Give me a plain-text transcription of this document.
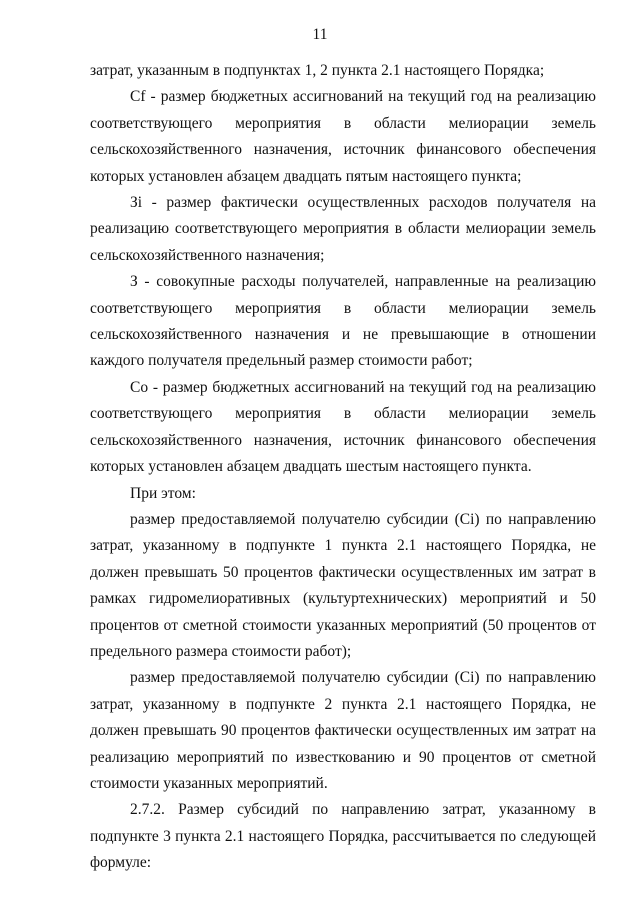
11

затрат, указанным в подпунктах 1, 2 пункта 2.1 настоящего Порядка;

Cf - размер бюджетных ассигнований на текущий год на реализацию соответствующего мероприятия в области мелиорации земель сельскохозяйственного назначения, источник финансового обеспечения которых установлен абзацем двадцать пятым настоящего пункта;

Зi - размер фактически осуществленных расходов получателя на реализацию соответствующего мероприятия в области мелиорации земель сельскохозяйственного назначения;

З - совокупные расходы получателей, направленные на реализацию соответствующего мероприятия в области мелиорации земель сельскохозяйственного назначения и не превышающие в отношении каждого получателя предельный размер стоимости работ;

Co - размер бюджетных ассигнований на текущий год на реализацию соответствующего мероприятия в области мелиорации земель сельскохозяйственного назначения, источник финансового обеспечения которых установлен абзацем двадцать шестым настоящего пункта.

При этом:

размер предоставляемой получателю субсидии (Ci) по направлению затрат, указанному в подпункте 1 пункта 2.1 настоящего Порядка, не должен превышать 50 процентов фактически осуществленных им затрат в рамках гидромелиоративных (культуртехнических) мероприятий и 50 процентов от сметной стоимости указанных мероприятий (50 процентов от предельного размера стоимости работ);

размер предоставляемой получателю субсидии (Ci) по направлению затрат, указанному в подпункте 2 пункта 2.1 настоящего Порядка, не должен превышать 90 процентов фактически осуществленных им затрат на реализацию мероприятий по известкованию и 90 процентов от сметной стоимости указанных мероприятий.

2.7.2. Размер субсидий по направлению затрат, указанному в подпункте 3 пункта 2.1 настоящего Порядка, рассчитывается по следующей формуле:
